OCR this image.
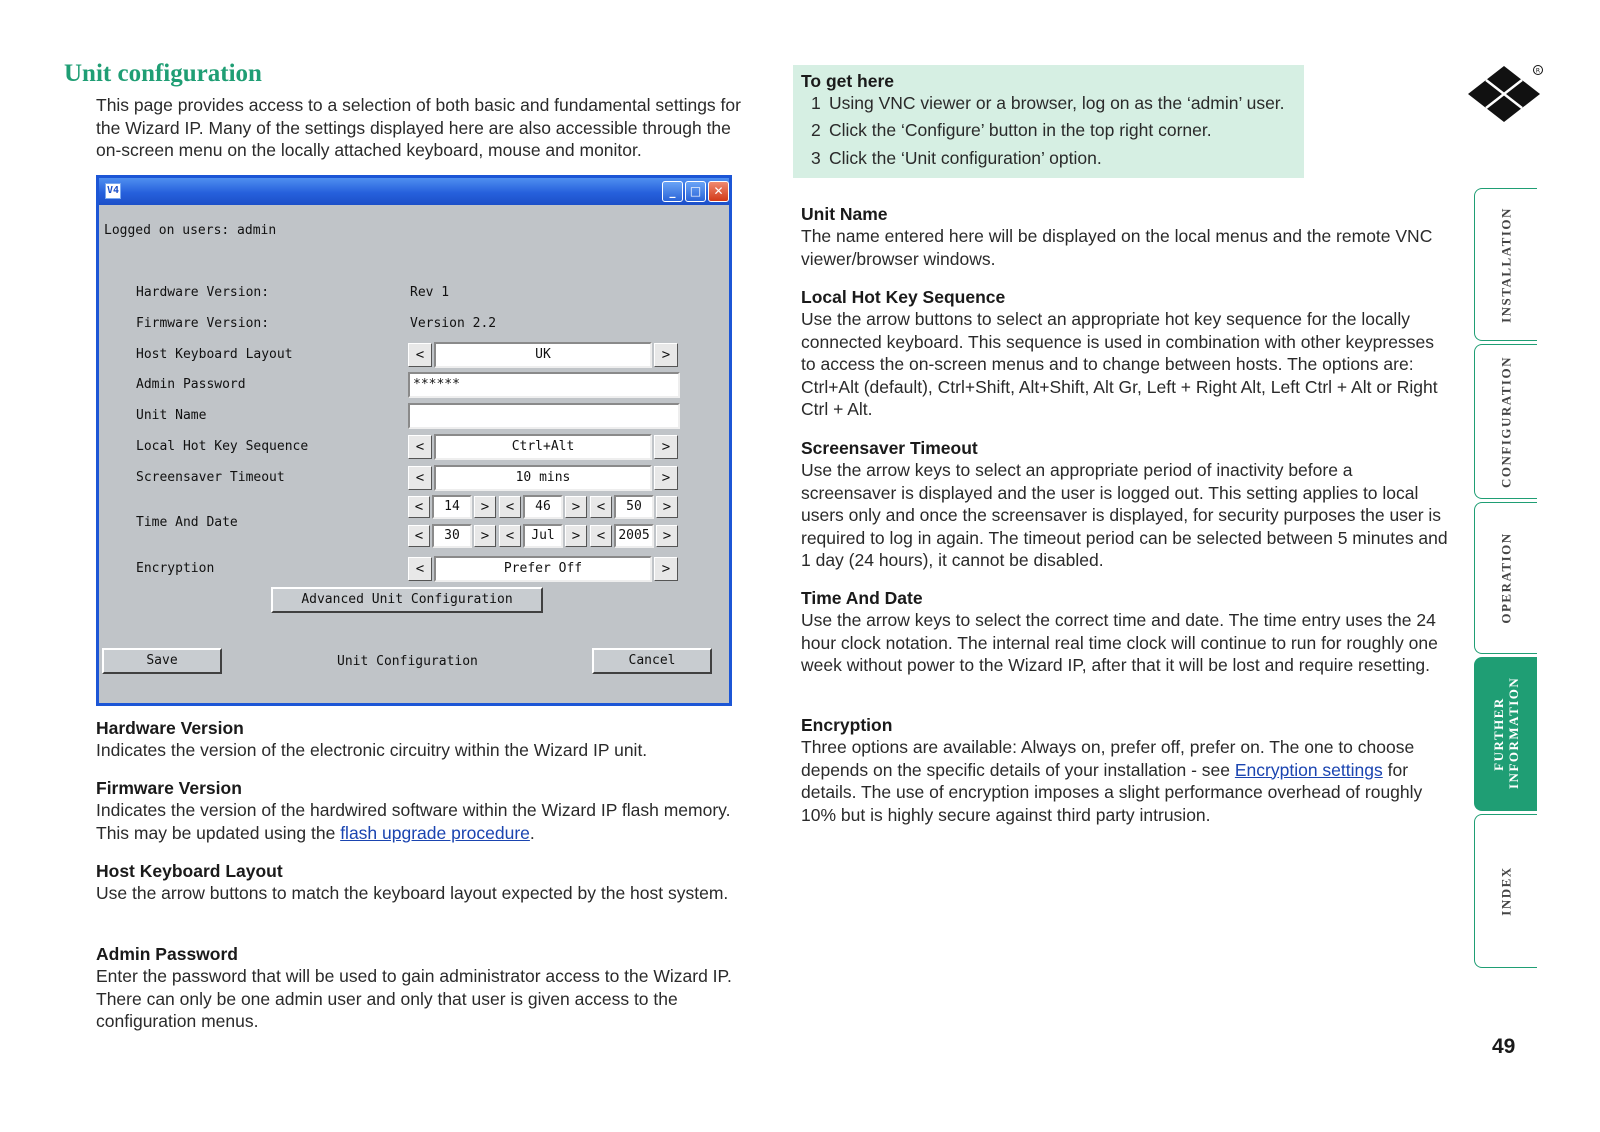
Unit configuration
This page provides access to a selection of both basic and fundamental settings for the Wizard IP. Many of the settings displayed here are also accessible through the on-screen menu on the locally attached keyboard, mouse and monitor.
V4	_	□	✕
Logged on users: admin
Hardware Version:	Rev 1
Firmware Version:	Version 2.2
Host Keyboard Layout	<	UK	>
Admin Password	******
Unit Name
Local Hot Key Sequence	<	Ctrl+Alt	>
Screensaver Timeout	<	10 mins	>
Time And Date
<	14	>	<	46	>	<	50	>
<	30	>	<	Jul	>	<	2005 >
Encryption	<	Prefer Off	>
Advanced Unit Configuration
Save	Unit Configuration	Cancel
Hardware Version

Indicates the version of the electronic circuitry within the Wizard IP unit.

Firmware Version

Indicates the version of the hardwired software within the Wizard IP flash memory. This may be updated using the flash upgrade procedure.

Host Keyboard Layout

Use the arrow buttons to match the keyboard layout expected by the host system.

Admin Password

Enter the password that will be used to gain administrator access to the Wizard IP. There can only be one admin user and only that user is given access to the configuration menus.

To get here
1 Using VNC viewer or a browser, log on as the ‘admin’ user.
2 Click the ‘Configure’ button in the top right corner.
3 Click the ‘Unit configuration’ option.
Unit Name

The name entered here will be displayed on the local menus and the remote VNC viewer/browser windows.

Local Hot Key Sequence

Use the arrow buttons to select an appropriate hot key sequence for the locally connected keyboard. This sequence is used in combination with other keypresses to access the on-screen menus and to change between hosts. The options are: Ctrl+Alt (default), Ctrl+Shift, Alt+Shift, Alt Gr, Left + Right Alt, Left Ctrl + Alt or Right Ctrl + Alt.

Screensaver Timeout

Use the arrow keys to select an appropriate period of inactivity before a screensaver is displayed and the user is logged out. This setting applies to local users only and once the screensaver is displayed, for security purposes the user is required to log in again. The timeout period can be selected between 5 minutes and 1 day (24 hours), it cannot be disabled.

Time And Date

Use the arrow keys to select the correct time and date. The time entry uses the 24 hour clock notation. The internal real time clock will continue to run for roughly one week without power to the Wizard IP, after that it will be lost and require resetting.

Encryption

Three options are available: Always on, prefer off, prefer on. The one to choose depends on the specific details of your installation - see Encryption settings for details. The use of encryption imposes a slight performance overhead of roughly 10% but is highly secure against third party intrusion.

R
INSTALLATION
CONFIGURATION
OPERATION
FURTHER INFORMATION
INDEX
49
